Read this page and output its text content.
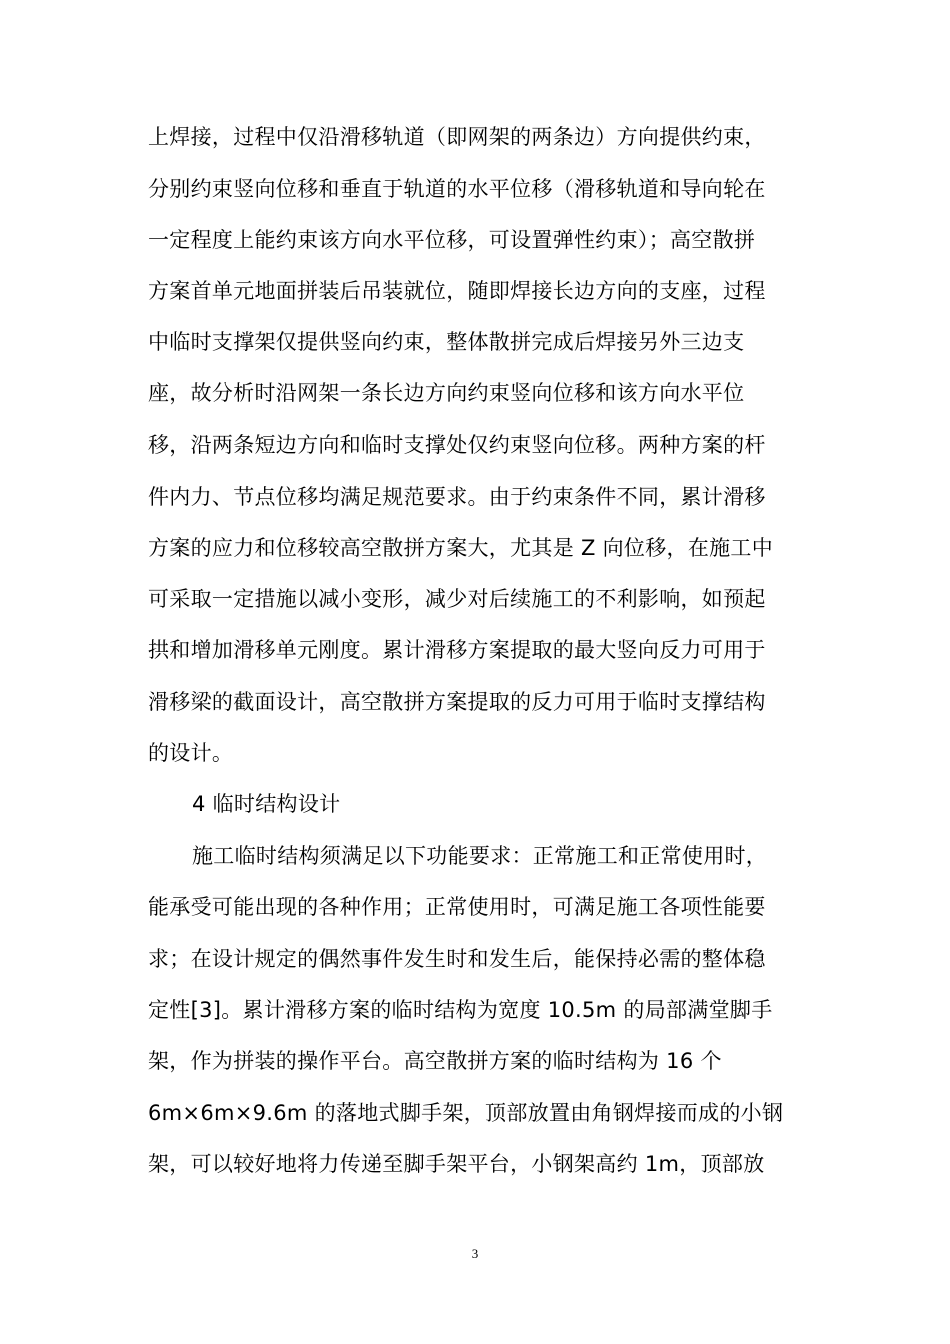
上焊接，过程中仅沿滑移轨道（即网架的两条边）方向提供约束，
分别约束竖向位移和垂直于轨道的水平位移（滑移轨道和导向轮在
一定程度上能约束该方向水平位移，可设置弹性约束）；高空散拼
方案首单元地面拼装后吊装就位，随即焊接长边方向的支座，过程
中临时支撑架仅提供竖向约束，整体散拼完成后焊接另外三边支
座，故分析时沿网架一条长边方向约束竖向位移和该方向水平位
移，沿两条短边方向和临时支撑处仅约束竖向位移。两种方案的杆
件内力、节点位移均满足规范要求。由于约束条件不同，累计滑移
方案的应力和位移较高空散拼方案大，尤其是 Z 向位移，在施工中
可采取一定措施以减小变形，减少对后续施工的不利影响，如预起
拱和增加滑移单元刚度。累计滑移方案提取的最大竖向反力可用于
滑移梁的截面设计，高空散拼方案提取的反力可用于临时支撑结构
的设计。
4 临时结构设计
施工临时结构须满足以下功能要求：正常施工和正常使用时，
能承受可能出现的各种作用；正常使用时，可满足施工各项性能要
求；在设计规定的偶然事件发生时和发生后，能保持必需的整体稳
定性[3]。累计滑移方案的临时结构为宽度 10.5m 的局部满堂脚手
架，作为拼装的操作平台。高空散拼方案的临时结构为 16 个
6m×6m×9.6m 的落地式脚手架，顶部放置由角钢焊接而成的小钢
架，可以较好地将力传递至脚手架平台，小钢架高约 1m，顶部放
3
